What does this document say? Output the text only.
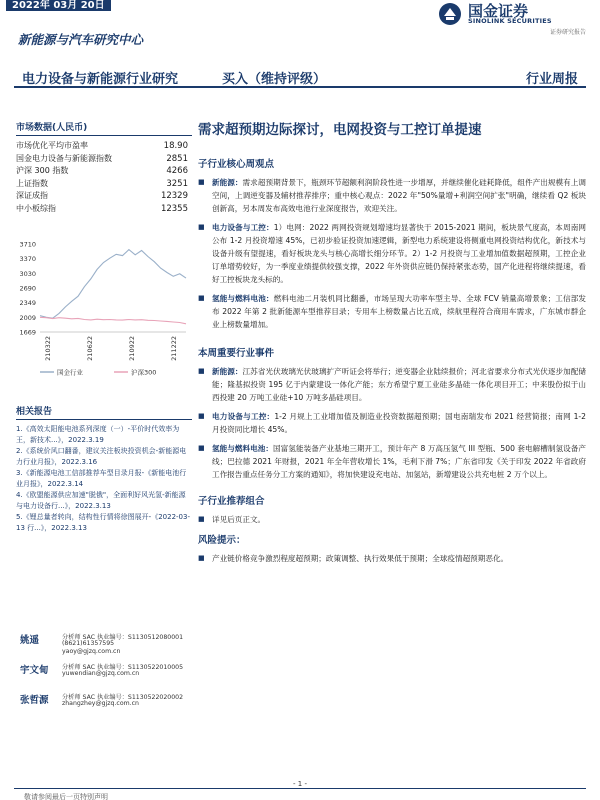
2022年 03月 20日	国金证券
SINOLINK SECURITIES
证券研究报告
新能源与汽车研究中心
电力设备与新能源行业研究	买入（维持评级）	行业周报
市场数据(人民币)
市场优化平均市盈率	18.90
国金电力设备与新能源指数	2851
沪深 300 指数	4266
上证指数	3251
深证成指	12329
中小板综指	12355
3710
3370
3030
2690
2349
2009
1669
210322	210622	210922	211222
国金行业	沪深300
相关报告
1.《高效太阳能电池系列深度（一）-平价时代效率为王，新技术...》，2022.3.19
2.《系统价风口翻番，建议关注板块投资机会-新能源电力行业月报》，2022.3.16
3.《新能源电池工信部推荐车型目录月报-《新能电池行业月报》，2022.3.14
4.《欧盟能源供应加速"脱俄"，全面利好风光氢-新能源与电力设备行...》，2022.3.13
5.《锂总量者转向，结构性行情将徐图展开-《2022-03-13 行...》，2022.3.13
姚遥	分析师 SAC 执业编号：S1130512080001
(8621)61357595
yaoy@gjzq.com.cn
宇文甸 分析师 SAC 执业编号：S1130522010005
yuwendian@gjzq.com.cn
张哲源 分析师 SAC 执业编号：S1130522020002
zhangzhey@gjzq.com.cn
需求超预期边际探讨，电网投资与工控订单提速
子行业核心周观点
■ 新能源：需求超预期背景下，瓶颈环节超额利润阶段性进一步增厚，并继续催化硅耗降低，组件产出规模有上调空间，上调逆变器及辅材推荐排序；重中核心观点：2022 年"50%量增+利润空间扩张"明确，继续看 Q2 板块创新高，另本周发布高效电池行业深度报告，欢迎关注。
■ 电力设备与工控：1）电网：2022 两网投资规划增速均显著快于 2015-2021 期间，板块景气度高，本周南网公布 1-2 月投资增速 45%，已初步验证投资加速逻辑，新型电力系统建设将侧重电网投资结构优化，新技术与设备升级有望提速，看好板块龙头与核心高增长细分环节。2）1-2 月投资与工业增加值数据超预期，工控企业订单增势较好，为一季度业绩提供较强支撑，2022 年外资供应链仍保持紧张态势，国产化进程将继续提速，看好工控板块龙头标的。
■ 氢能与燃料电池：燃料电池二月装机同比翻番，市场呈现大功率车型主导、全球 FCV 销量高增景象；工信部发布 2022 年第 2 批新能源车型推荐目录；专用车上榜数量占比五成，续航里程符合商用车需求，广东城市群企业上榜数量增加。
本周重要行业事件
■ 新能源：江苏省光伏玻璃光伏玻璃扩产听证会将举行；逆变器企业陆续报价；河北省要求分布式光伏逐步加配储能；隆基拟投资 195 亿于内蒙建设一体化产能；东方希望宁夏工业硅多晶硅一体化项目开工；中来股份拟于山西投建 20 万吨工业硅+10 万吨多晶硅项目。
■ 电力设备与工控：1-2 月规上工业增加值及制造业投资数据超预期；国电南瑞发布 2021 经营简报；南网 1-2 月投资同比增长 45%。
■ 氢能与燃料电池：国富氢能装备产业基地三期开工，预计年产 8 万高压氢气 III 型瓶、500 套电解槽制氢设备产线；巴拉德 2021 年财报，2021 年全年营收增长 1%，毛利下滑 7%；广东省印发《关于印发 2022 年省政府工作报告重点任务分工方案的通知》，将加快建设充电站、加氢站，新增建设公共充电桩 2 万个以上。
子行业推荐组合
■ 详见后页正文。
风险提示：
■ 产业链价格竞争激烈程度超预期；政策调整、执行效果低于预期；全球疫情超预期恶化。
- 1 -
敬请参阅最后一页特别声明
